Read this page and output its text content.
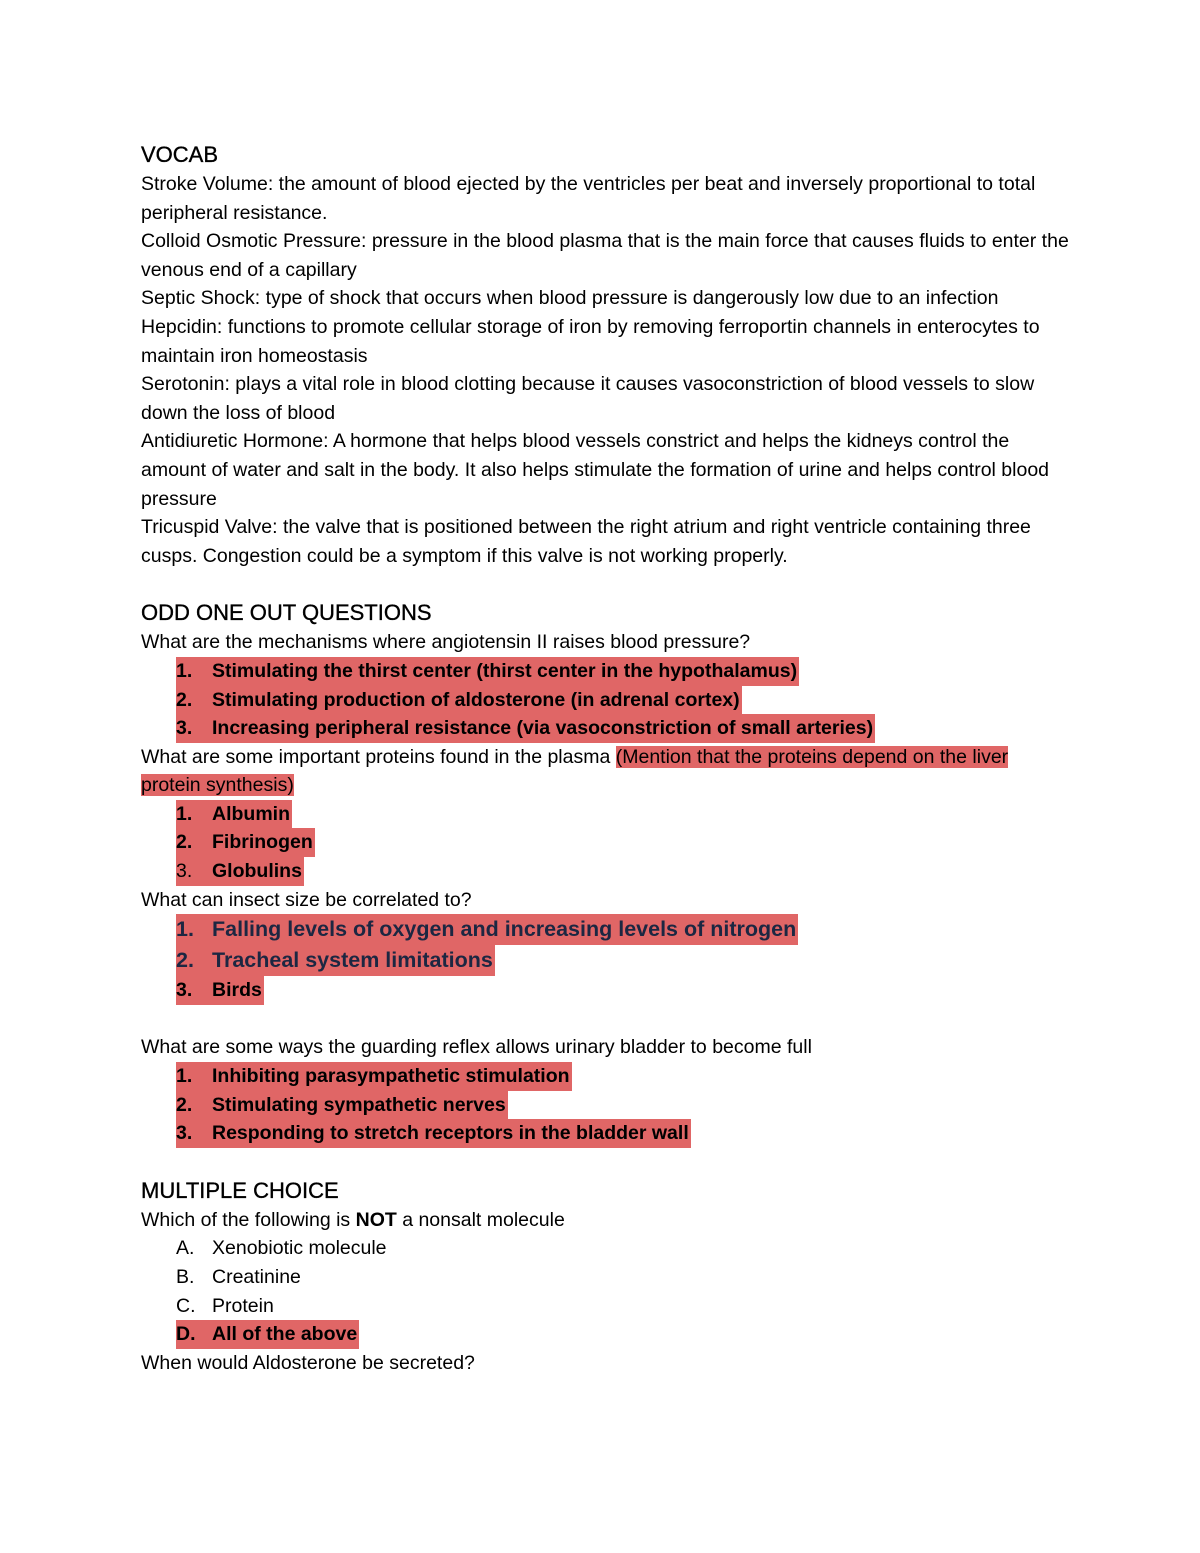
VOCAB

Stroke Volume: the amount of blood ejected by the ventricles per beat and inversely proportional to total peripheral resistance.

Colloid Osmotic Pressure: pressure in the blood plasma that is the main force that causes fluids to enter the venous end of a capillary

Septic Shock: type of shock that occurs when blood pressure is dangerously low due to an infection

Hepcidin: functions to promote cellular storage of iron by removing ferroportin channels in enterocytes to maintain iron homeostasis

Serotonin: plays a vital role in blood clotting because it causes vasoconstriction of blood vessels to slow down the loss of blood

Antidiuretic Hormone: A hormone that helps blood vessels constrict and helps the kidneys control the amount of water and salt in the body. It also helps stimulate the formation of urine and helps control blood pressure

Tricuspid Valve: the valve that is positioned between the right atrium and right ventricle containing three cusps. Congestion could be a symptom if this valve is not working properly.

ODD ONE OUT QUESTIONS

What are the mechanisms where angiotensin II raises blood pressure?

1. Stimulating the thirst center (thirst center in the hypothalamus)
2. Stimulating production of aldosterone (in adrenal cortex)
3. Increasing peripheral resistance (via vasoconstriction of small arteries)

What are some important proteins found in the plasma (Mention that the proteins depend on the liver protein synthesis)

1. Albumin
2. Fibrinogen
3. Globulins

What can insect size be correlated to?

1. Falling levels of oxygen and increasing levels of nitrogen
2. Tracheal system limitations
3. Birds

What are some ways the guarding reflex allows urinary bladder to become full

1. Inhibiting parasympathetic stimulation
2. Stimulating sympathetic nerves
3. Responding to stretch receptors in the bladder wall
MULTIPLE CHOICE

Which of the following is NOT a nonsalt molecule

A. Xenobiotic molecule
B. Creatinine
C. Protein
D. All of the above

When would Aldosterone be secreted?
